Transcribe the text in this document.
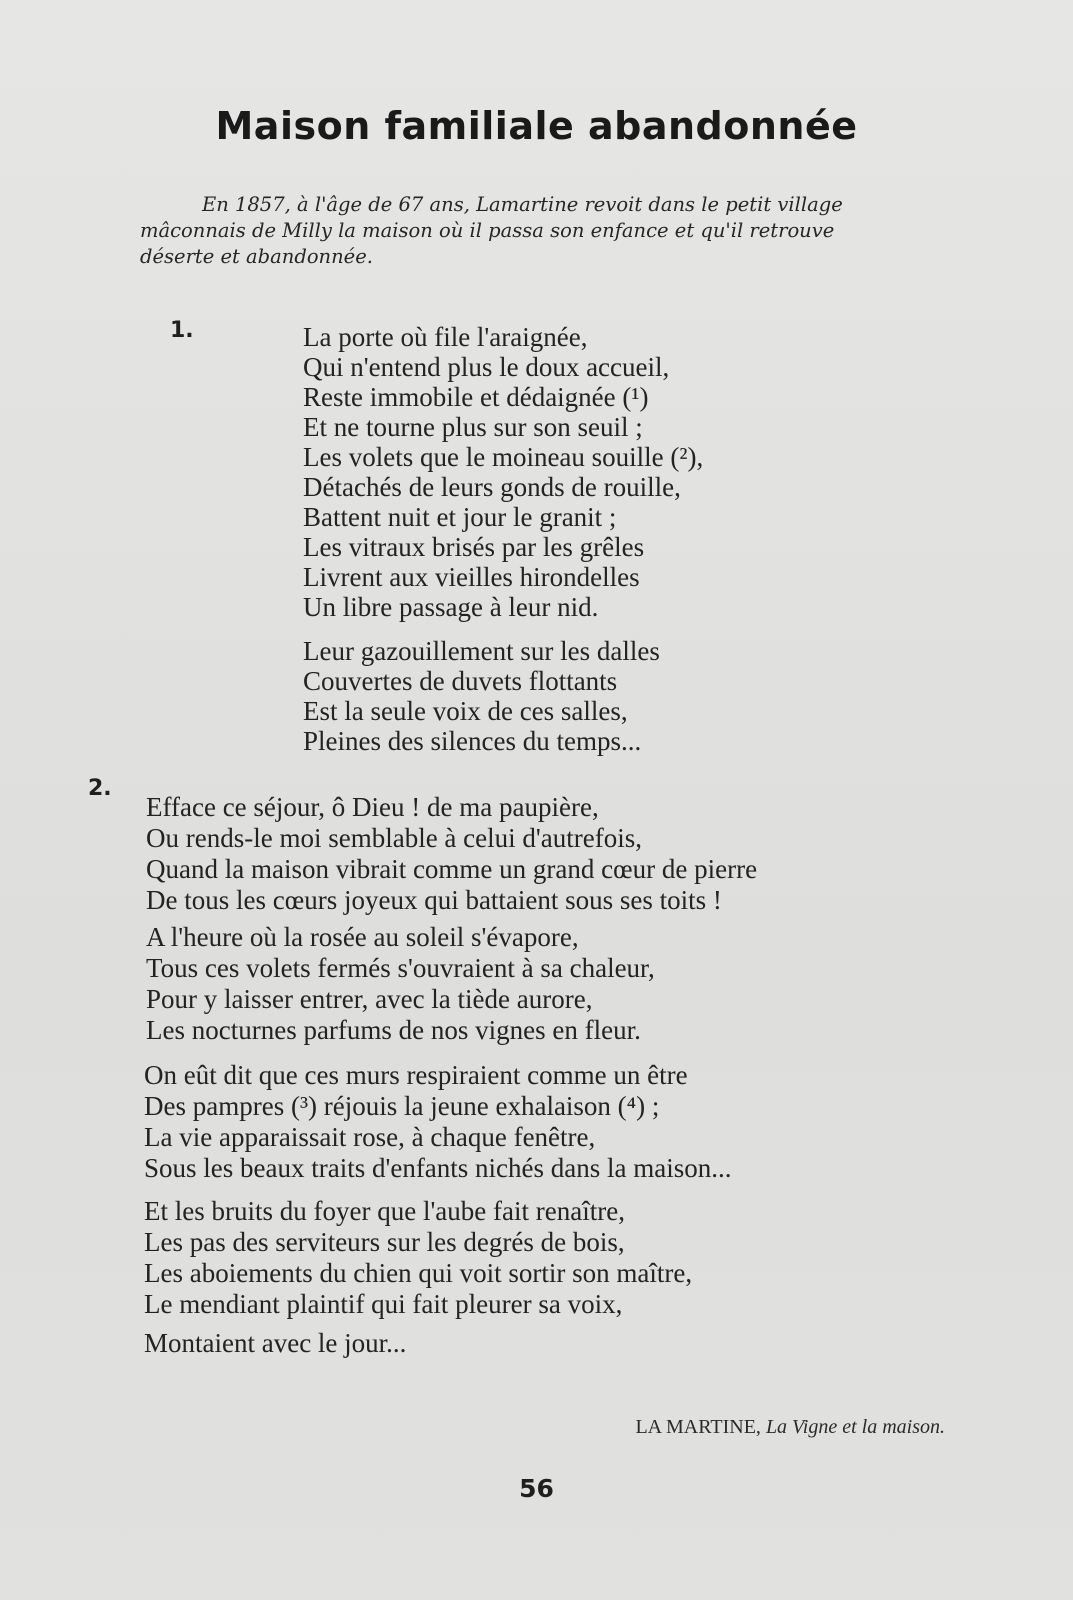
Maison familiale abandonnée
En 1857, à l'âge de 67 ans, Lamartine revoit dans le petit village
mâconnais de Milly la maison où il passa son enfance et qu'il retrouve
déserte et abandonnée.
1.	La porte où file l'araignée,
Qui n'entend plus le doux accueil,
Reste immobile et dédaignée (¹)
Et ne tourne plus sur son seuil ;
Les volets que le moineau souille (²),
Détachés de leurs gonds de rouille,
Battent nuit et jour le granit ;
Les vitraux brisés par les grêles
Livrent aux vieilles hirondelles
Un libre passage à leur nid.
Leur gazouillement sur les dalles
Couvertes de duvets flottants
Est la seule voix de ces salles,
Pleines des silences du temps...
2.
Efface ce séjour, ô Dieu ! de ma paupière,
Ou rends-le moi semblable à celui d'autrefois,
Quand la maison vibrait comme un grand cœur de pierre
De tous les cœurs joyeux qui battaient sous ses toits !
A l'heure où la rosée au soleil s'évapore,
Tous ces volets fermés s'ouvraient à sa chaleur,
Pour y laisser entrer, avec la tiède aurore,
Les nocturnes parfums de nos vignes en fleur.
On eût dit que ces murs respiraient comme un être
Des pampres (³) réjouis la jeune exhalaison (⁴) ;
La vie apparaissait rose, à chaque fenêtre,
Sous les beaux traits d'enfants nichés dans la maison...
Et les bruits du foyer que l'aube fait renaître,
Les pas des serviteurs sur les degrés de bois,
Les aboiements du chien qui voit sortir son maître,
Le mendiant plaintif qui fait pleurer sa voix,
Montaient avec le jour...
LA MARTINE, La Vigne et la maison.
56
